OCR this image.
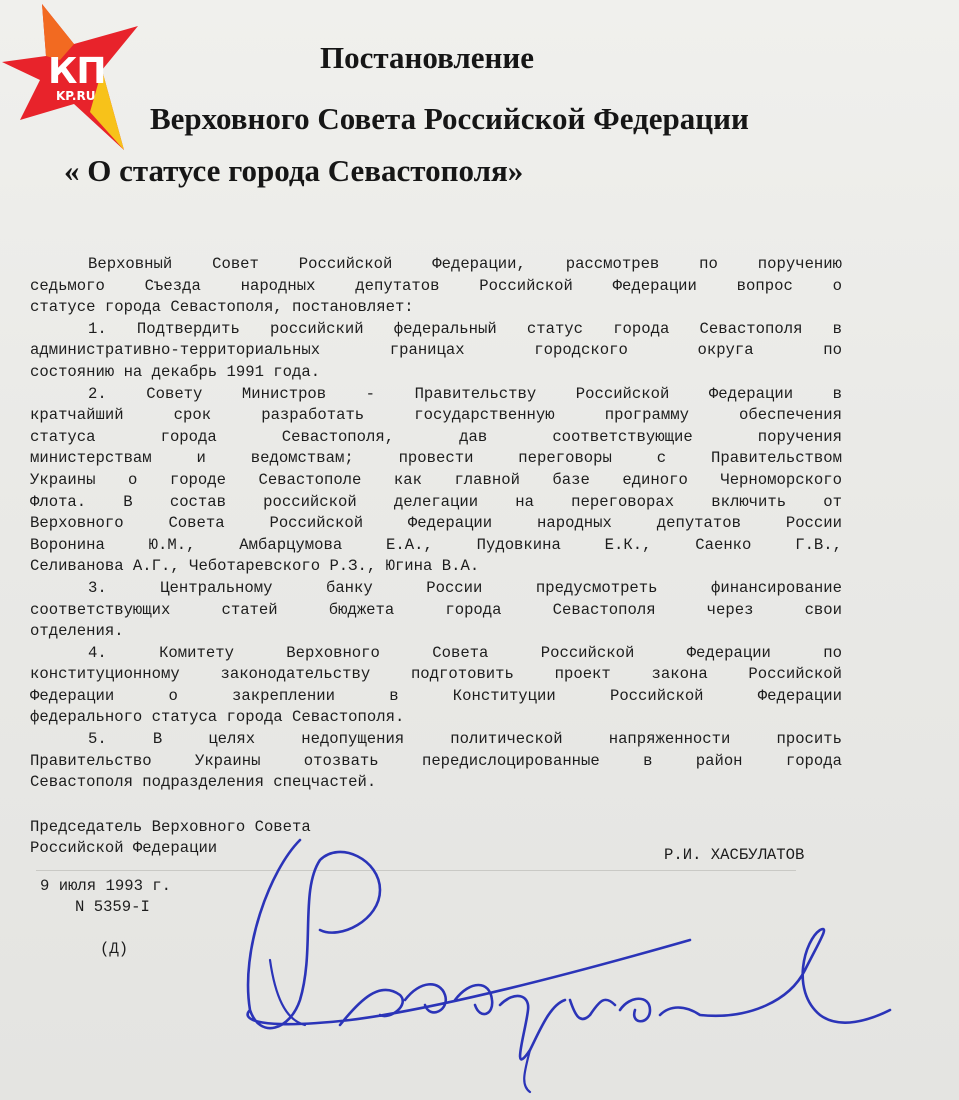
КП
KP.RU
Постановление
Верховного Совета Российской Федерации
« О статусе города Севастополя»
Верховный Совет Российской Федерации, рассмотрев по поручению
седьмого Съезда народных депутатов Российской Федерации вопрос о
статусе города Севастополя, постановляет:
1. Подтвердить российский федеральный статус города Севастополя в
административно-территориальных границах городского округа по
состоянию на декабрь 1991 года.
2. Совету Министров - Правительству Российской Федерации в
кратчайший срок разработать государственную программу обеспечения
статуса города Севастополя, дав соответствующие поручения
министерствам и ведомствам; провести переговоры с Правительством
Украины о городе Севастополе как главной базе единого Черноморского
Флота. В состав российской делегации на переговорах включить от
Верховного Совета Российской Федерации народных депутатов России
Воронина Ю.М., Амбарцумова Е.А., Пудовкина Е.К., Саенко Г.В.,
Селиванова А.Г., Чеботаревского Р.З., Югина В.А.
3. Центральному банку России предусмотреть финансирование
соответствующих статей бюджета города Севастополя через свои
отделения.
4. Комитету Верховного Совета Российской Федерации по
конституционному законодательству подготовить проект закона Российской
Федерации о закреплении в Конституции Российской Федерации
федерального статуса города Севастополя.
5. В целях недопущения политической напряженности просить
Правительство Украины отозвать передислоцированные в район города
Севастополя подразделения спецчастей.
Председатель Верховного Совета
Российской Федерации	Р.И. ХАСБУЛАТОВ
9 июля 1993 г.
N 5359-I
(Д)
